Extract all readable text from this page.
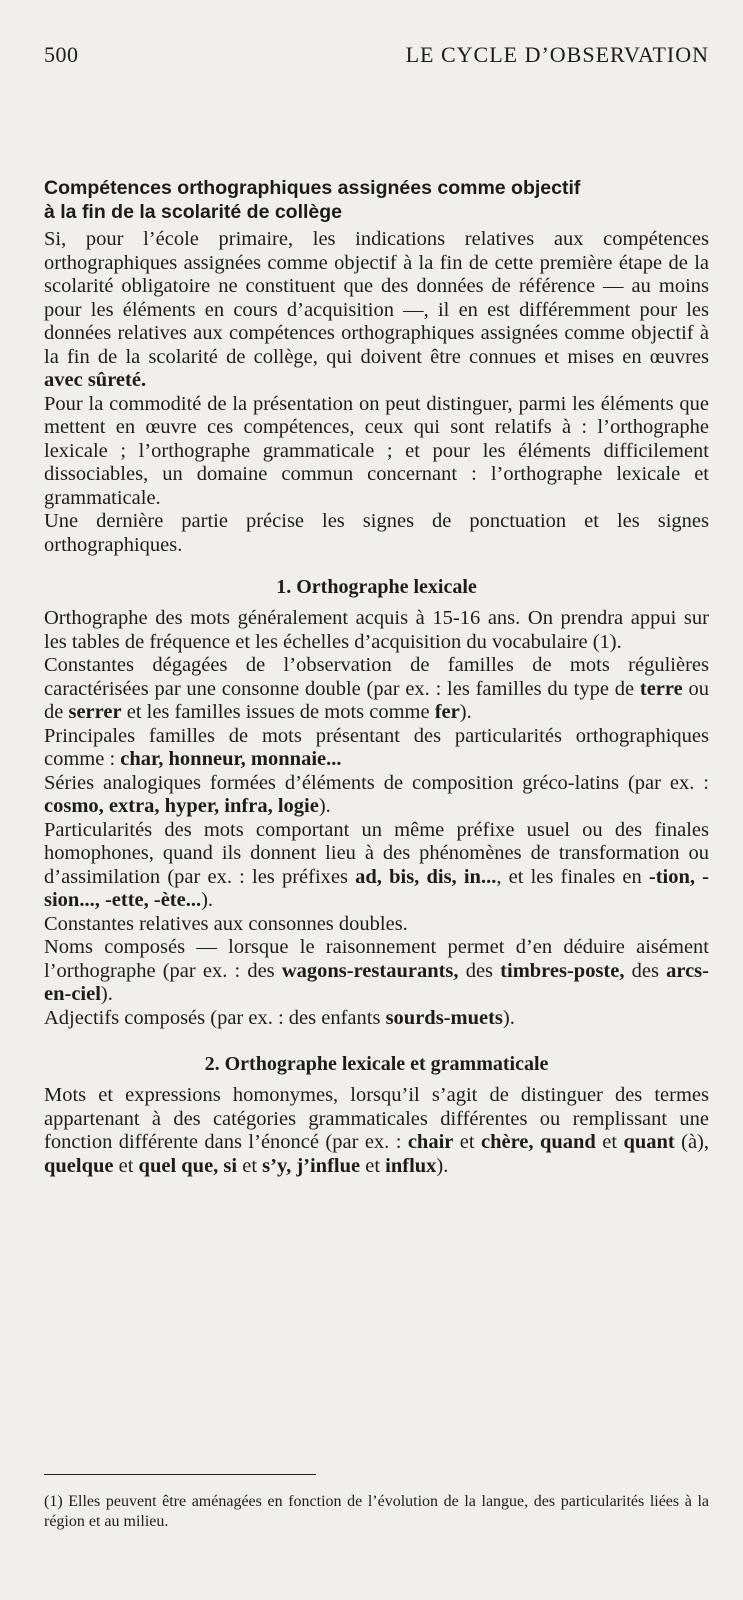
500	LE CYCLE D’OBSERVATION
Compétences orthographiques assignées comme objectif
à la fin de la scolarité de collège

Si, pour l’école primaire, les indications relatives aux compétences orthographiques assignées comme objectif à la fin de cette première étape de la scolarité obligatoire ne constituent que des données de référence — au moins pour les éléments en cours d’acquisition —, il en est différemment pour les données relatives aux compétences orthographiques assignées comme objectif à la fin de la scolarité de collège, qui doivent être connues et mises en œuvres avec sûreté.

Pour la commodité de la présentation on peut distinguer, parmi les éléments que mettent en œuvre ces compétences, ceux qui sont relatifs à : l’orthographe lexicale ; l’orthographe grammaticale ; et pour les éléments difficilement dissociables, un domaine commun concernant : l’orthographe lexicale et grammaticale.

Une dernière partie précise les signes de ponctuation et les signes orthographiques.

1. Orthographe lexicale

Orthographe des mots généralement acquis à 15-16 ans. On prendra appui sur les tables de fréquence et les échelles d’acquisition du vocabulaire (1).

Constantes dégagées de l’observation de familles de mots régulières caractérisées par une consonne double (par ex. : les familles du type de terre ou de serrer et les familles issues de mots comme fer).

Principales familles de mots présentant des particularités orthographiques comme : char, honneur, monnaie...

Séries analogiques formées d’éléments de composition gréco-latins (par ex. : cosmo, extra, hyper, infra, logie).

Particularités des mots comportant un même préfixe usuel ou des finales homophones, quand ils donnent lieu à des phénomènes de transformation ou d’assimilation (par ex. : les préfixes ad, bis, dis, in..., et les finales en -tion, -sion..., -ette, -ète...).

Constantes relatives aux consonnes doubles.

Noms composés — lorsque le raisonnement permet d’en déduire aisément l’orthographe (par ex. : des wagons-restaurants, des timbres-poste, des arcs-en-ciel).

Adjectifs composés (par ex. : des enfants sourds-muets).

2. Orthographe lexicale et grammaticale

Mots et expressions homonymes, lorsqu’il s’agit de distinguer des termes appartenant à des catégories grammaticales différentes ou remplissant une fonction différente dans l’énoncé (par ex. : chair et chère, quand et quant (à), quelque et quel que, si et s’y, j’influe et influx).

(1) Elles peuvent être aménagées en fonction de l’évolution de la langue, des particularités liées à la région et au milieu.
